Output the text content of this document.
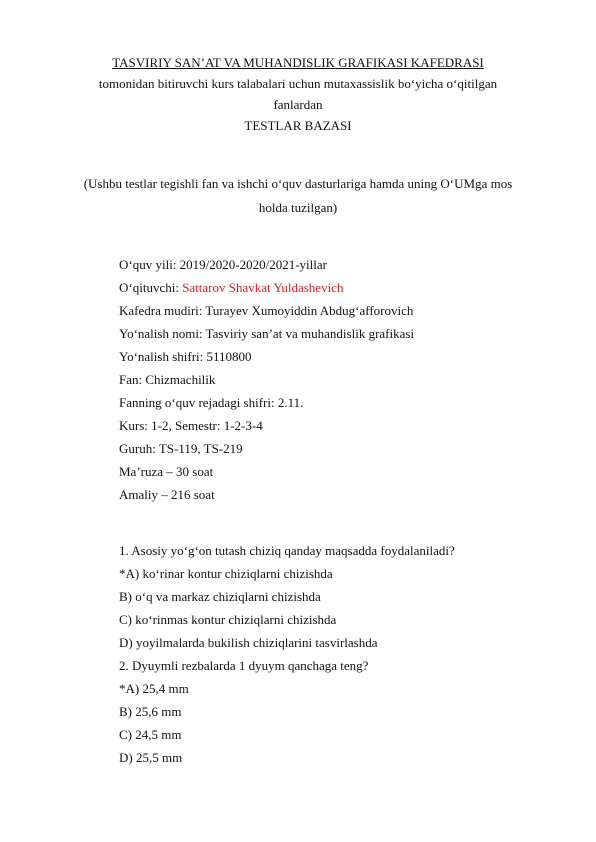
TASVIRIY SAN’AT VA MUHANDISLIK GRAFIKASI KAFEDRASI
tomonidan bitiruvchi kurs talabalari uchun mutaxassislik bo‘yicha o‘qitilgan
fanlardan
TESTLAR BAZASI
(Ushbu testlar tegishli fan va ishchi o‘quv dasturlariga hamda uning O‘UMga mos
holda tuzilgan)
O‘quv yili: 2019/2020-2020/2021-yillar
O‘qituvchi: Sattarov Shavkat Yuldashevich
Kafedra mudiri: Turayev Xumoyiddin Abdug‘afforovich
Yo‘nalish nomi: Tasviriy san’at va muhandislik grafikasi
Yo‘nalish shifri: 5110800
Fan: Chizmachilik
Fanning o‘quv rejadagi shifri: 2.11.
Kurs: 1-2, Semestr: 1-2-3-4
Guruh: TS-119, TS-219
Ma’ruza – 30 soat
Amaliy – 216 soat
1. Asosiy yo‘g‘on tutash chiziq qanday maqsadda foydalaniladi?
*A) ko‘rinar kontur chiziqlarni chizishda
B) o‘q va markaz chiziqlarni chizishda
C) ko‘rinmas kontur chiziqlarni chizishda
D) yoyilmalarda bukilish chiziqlarini tasvirlashda
2. Dyuymli rezbalarda 1 dyuym qanchaga teng?
*A) 25,4 mm
B) 25,6 mm
C) 24,5 mm
D) 25,5 mm
